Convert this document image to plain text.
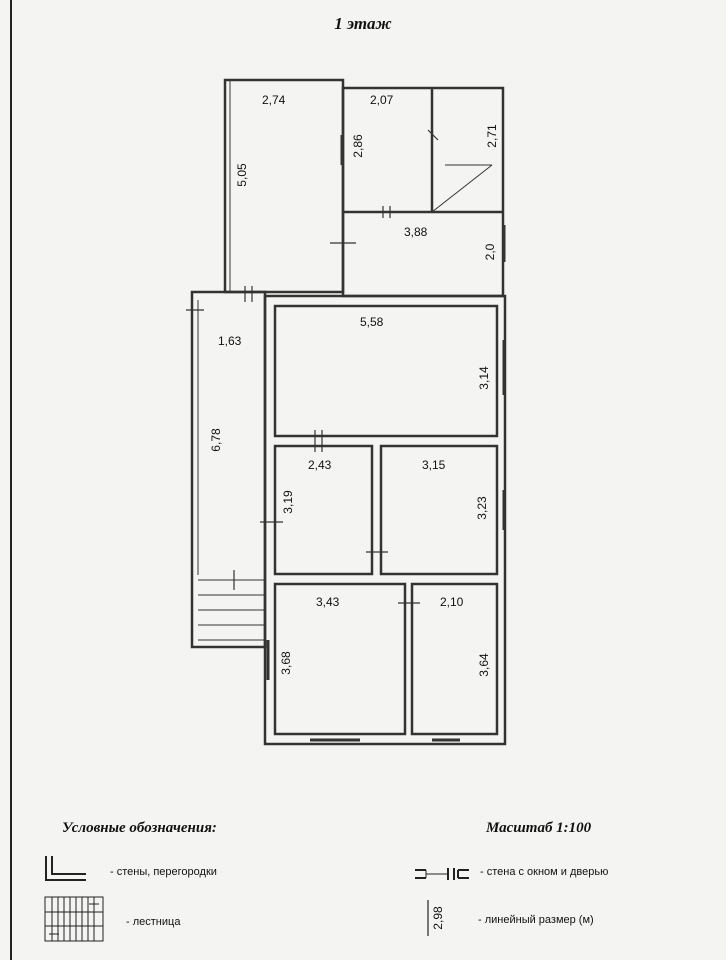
1 этаж
2,74
5,05
2,07
2,86	2,71
3,88
2,0
1,63
6,78
5,58
3,14
2,43
3,19
3,15
3,23
3,43
3,68
2,10
3,64
Условные обозначения:	Масштаб 1:100
- стены, перегородки
- лестница
- стена с окном и дверью
2,98	- линейный размер (м)
